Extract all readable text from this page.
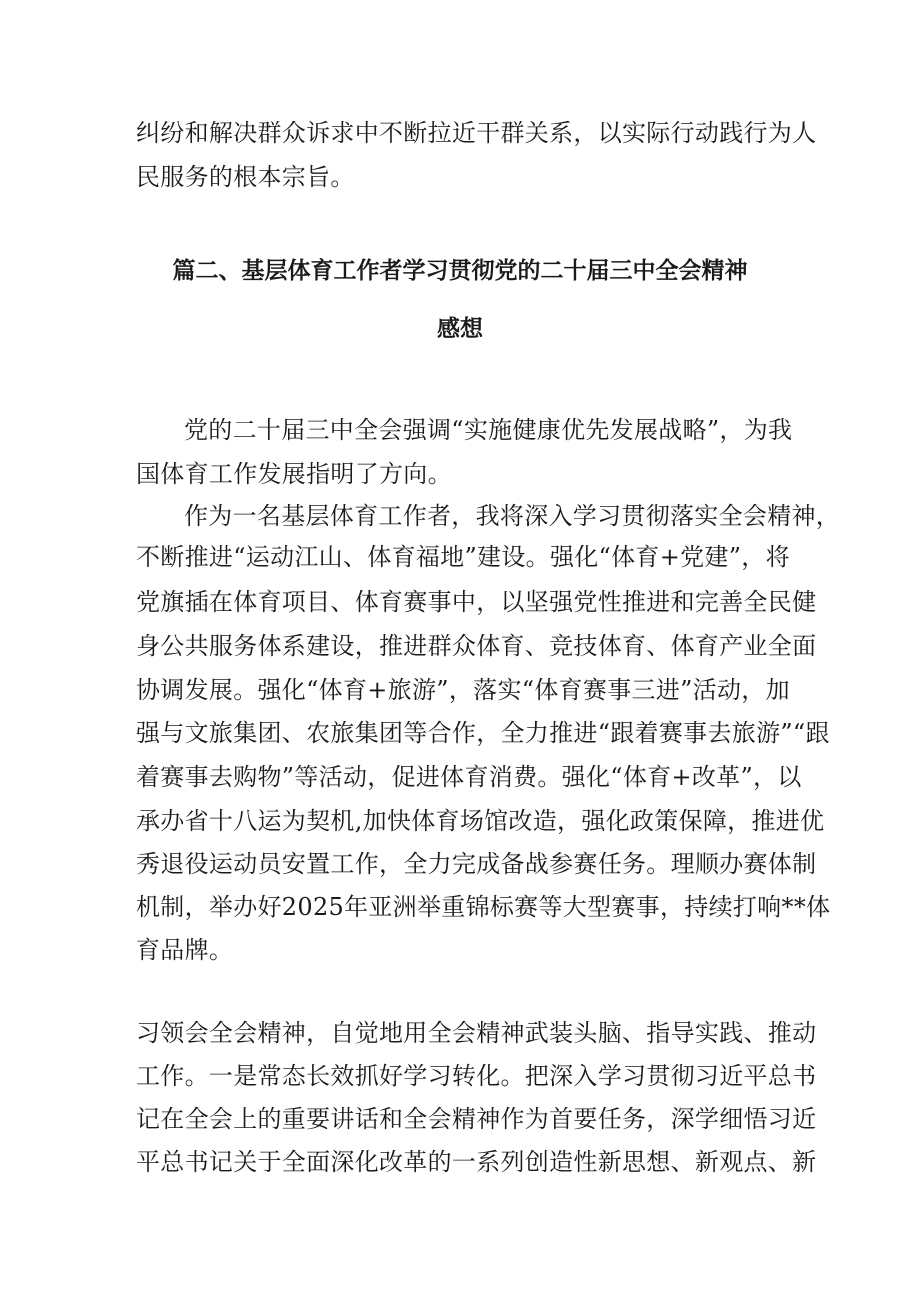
纠纷和解决群众诉求中不断拉近干群关系，以实际行动践行为人

民服务的根本宗旨。

篇二、基层体育工作者学习贯彻党的二十届三中全会精神
感想

党的二十届三中全会强调“实施健康优先发展战略”，为我

国体育工作发展指明了方向。

作为一名基层体育工作者，我将深入学习贯彻落实全会精神，

不断推进“运动江山、体育福地”建设。强化“体育+党建”，将

党旗插在体育项目、体育赛事中，以坚强党性推进和完善全民健

身公共服务体系建设，推进群众体育、竞技体育、体育产业全面

协调发展。强化“体育+旅游”，落实“体育赛事三进”活动，加

强与文旅集团、农旅集团等合作，全力推进“跟着赛事去旅游”“跟

着赛事去购物”等活动，促进体育消费。强化“体育+改革”，以

承办省十八运为契机,加快体育场馆改造，强化政策保障，推进优

秀退役运动员安置工作，全力完成备战参赛任务。理顺办赛体制

机制，举办好2025年亚洲举重锦标赛等大型赛事，持续打响**体

育品牌。

习领会全会精神，自觉地用全会精神武装头脑、指导实践、推动

工作。一是常态长效抓好学习转化。把深入学习贯彻习近平总书

记在全会上的重要讲话和全会精神作为首要任务，深学细悟习近

平总书记关于全面深化改革的一系列创造性新思想、新观点、新
